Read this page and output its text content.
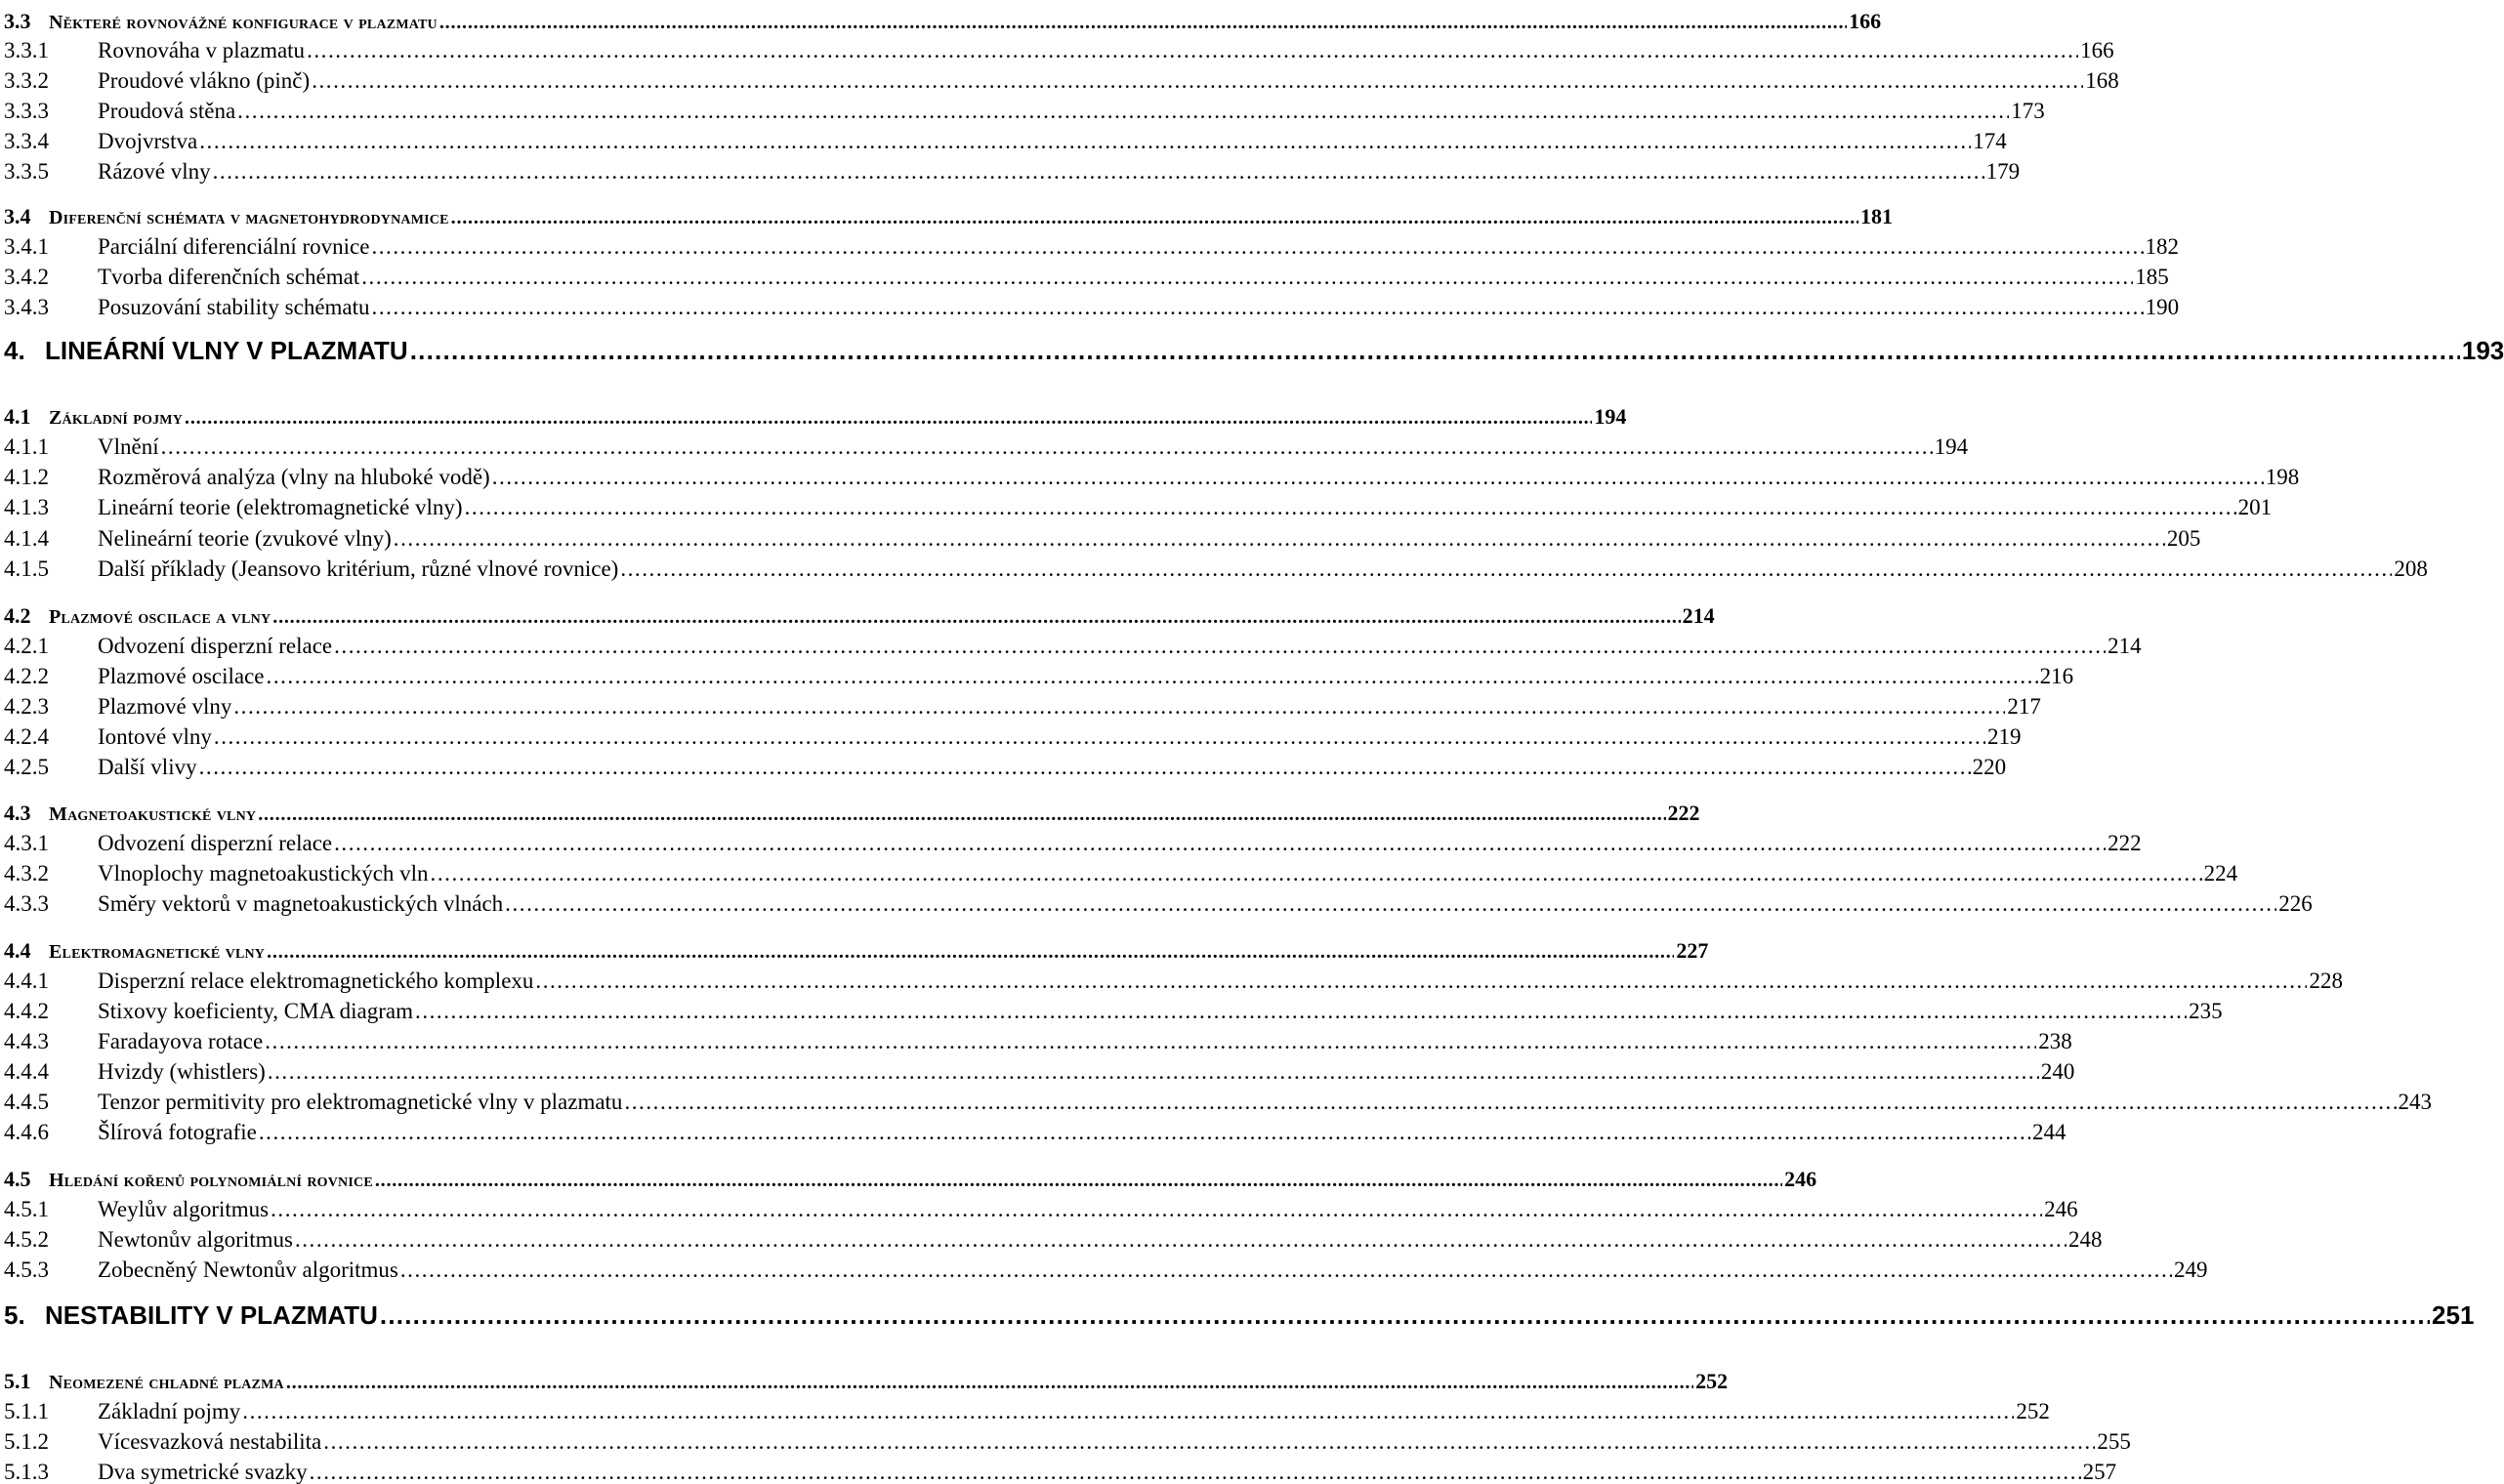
3.3 Některé rovnovážné konfigurace v plazmatu . . .	166
3.3.1	Rovnováha v plazmatu . . .	166
3.3.2	Proudové vlákno (pinč) . . .	168
3.3.3	Proudová stěna . . .	173
3.3.4	Dvojvrstva . . .	174
3.3.5	Rázové vlny . . .	179
3.4 Diferenční schémata v magnetohydrodynamice . . .	181
3.4.1	Parciální diferenciální rovnice . . .	182
3.4.2	Tvorba diferenčních schémat . . .	185
3.4.3	Posuzování stability schématu . . .	190
4. LINEÁRNÍ VLNY V PLAZMATU . . .	193
4.1 Základní pojmy . . .	194
4.1.1	Vlnění . . .	194
4.1.2	Rozměrová analýza (vlny na hluboké vodě) . . .	198
4.1.3	Lineární teorie (elektromagnetické vlny) . . .	201
4.1.4	Nelineární teorie (zvukové vlny) . . .	205
4.1.5	Další příklady (Jeansovo kritérium, různé vlnové rovnice) . . .	208
4.2 Plazmové oscilace a vlny . . .	214
4.2.1	Odvození disperzní relace . . .	214
4.2.2	Plazmové oscilace . . .	216
4.2.3	Plazmové vlny . . .	217
4.2.4	Iontové vlny . . .	219
4.2.5	Další vlivy . . .	220
4.3 Magnetoakustické vlny . . .	222
4.3.1	Odvození disperzní relace . . .	222
4.3.2	Vlnoplochy magnetoakustických vln . . .	224
4.3.3	Směry vektorů v magnetoakustických vlnách . . .	226
4.4 Elektromagnetické vlny . . .	227
4.4.1	Disperzní relace elektromagnetického komplexu . . .	228
4.4.2	Stixovy koeficienty, CMA diagram . . .	235
4.4.3	Faradayova rotace . . .	238
4.4.4	Hvizdy (whistlers) . . .	240
4.4.5	Tenzor permitivity pro elektromagnetické vlny v plazmatu . . .	243
4.4.6	Šlírová fotografie . . .	244
4.5 Hledání kořenů polynomiální rovnice . . .	246
4.5.1	Weylův algoritmus . . .	246
4.5.2	Newtonův algoritmus . . .	248
4.5.3	Zobecněný Newtonův algoritmus . . .	249
5. NESTABILITY V PLAZMATU . . .	251
5.1 Neomezené chladné plazma . . .	252
5.1.1	Základní pojmy . . .	252
5.1.2	Vícesvazková nestabilita . . .	255
5.1.3	Dva symetrické svazky . . .	257
